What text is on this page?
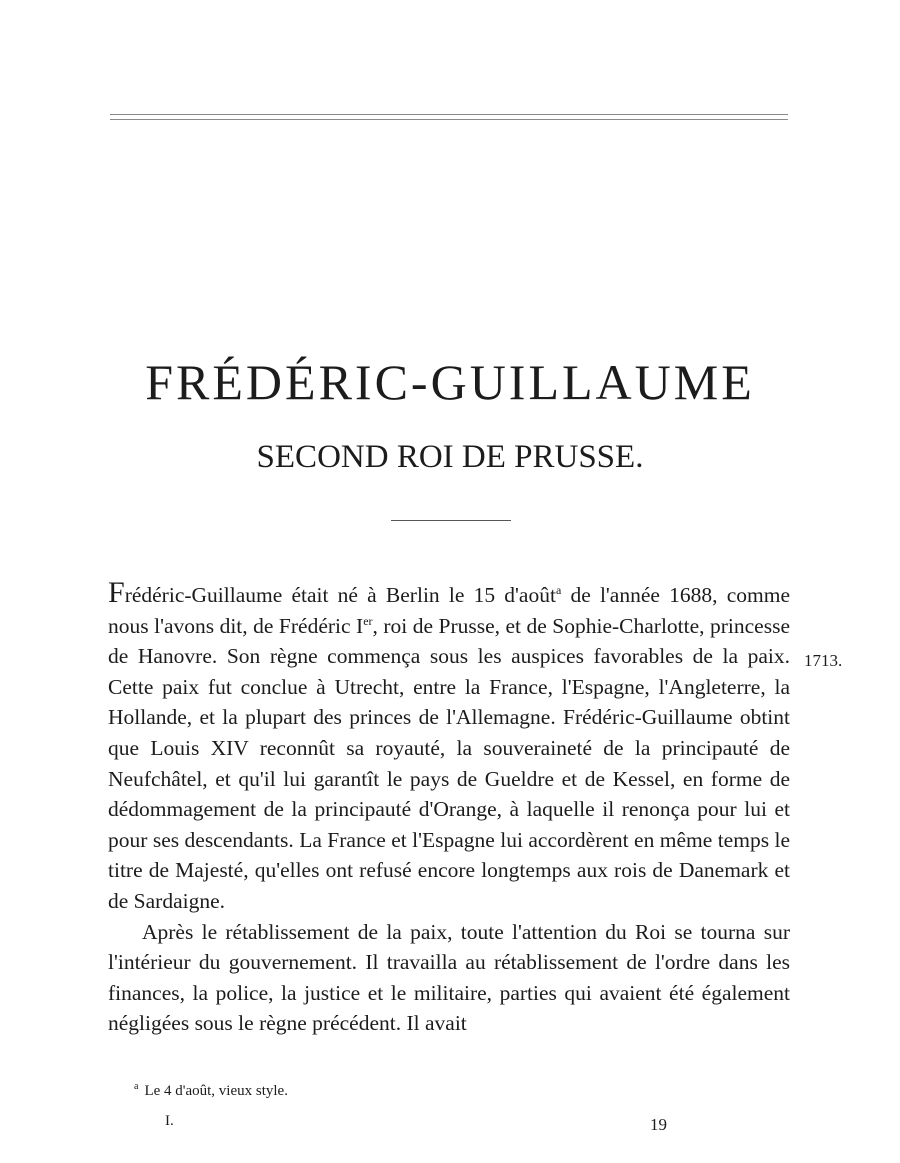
FRÉDÉRIC-GUILLAUME
SECOND ROI DE PRUSSE.

Frédéric-Guillaume était né à Berlin le 15 d'août$^a$ de l'année 1688, comme nous l'avons dit, de Frédéric Ier, roi de Prusse, et de Sophie-Charlotte, princesse de Hanovre. Son règne commença sous les auspices favorables de la paix. Cette paix fut conclue à Utrecht, entre la France, l'Espagne, l'Angleterre, la Hollande, et la plupart des princes de l'Allemagne. Frédéric-Guillaume obtint que Louis XIV reconnût sa royauté, la souveraineté de la principauté de Neufchâtel, et qu'il lui garantît le pays de Gueldre et de Kessel, en forme de dédommagement de la principauté d'Orange, à laquelle il renonça pour lui et pour ses descendants. La France et l'Espagne lui accordèrent en même temps le titre de Majesté, qu'elles ont refusé encore longtemps aux rois de Danemark et de Sardaigne.

Après le rétablissement de la paix, toute l'attention du Roi se tourna sur l'intérieur du gouvernement. Il travailla au rétablissement de l'ordre dans les finances, la police, la justice et le militaire, parties qui avaient été également négligées sous le règne précédent. Il avait

1713.
$^a$ Le 4 d'août, vieux style.
I.	19
